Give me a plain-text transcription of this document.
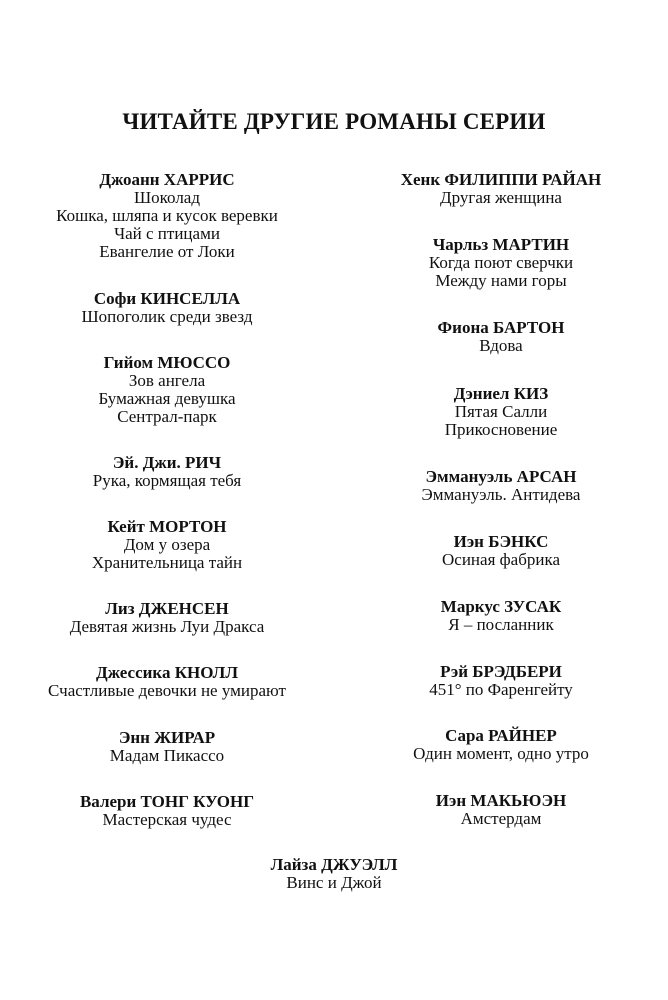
ЧИТАЙТЕ ДРУГИЕ РОМАНЫ СЕРИИ
Джоанн ХАРРИС
Шоколад
Кошка, шляпа и кусок веревки
Чай с птицами
Евангелие от Локи
Софи КИНСЕЛЛА
Шопоголик среди звезд
Гийом МЮССО
Зов ангела
Бумажная девушка
Сентрал-парк
Эй. Джи. РИЧ
Рука, кормящая тебя
Кейт МОРТОН
Дом у озера
Хранительница тайн
Лиз ДЖЕНСЕН
Девятая жизнь Луи Дракса
Джессика КНОЛЛ
Счастливые девочки не умирают
Энн ЖИРАР
Мадам Пикассо
Валери ТОНГ КУОНГ
Мастерская чудес
Хенк ФИЛИППИ РАЙАН
Другая женщина
Чарльз МАРТИН
Когда поют сверчки
Между нами горы
Фиона БАРТОН
Вдова
Дэниел КИЗ
Пятая Салли
Прикосновение
Эммануэль АРСАН
Эммануэль. Антидева
Иэн БЭНКС
Осиная фабрика
Маркус ЗУСАК
Я – посланник
Рэй БРЭДБЕРИ
451° по Фаренгейту
Сара РАЙНЕР
Один момент, одно утро
Иэн МАКЬЮЭН
Амстердам
Лайза ДЖУЭЛЛ
Винс и Джой
